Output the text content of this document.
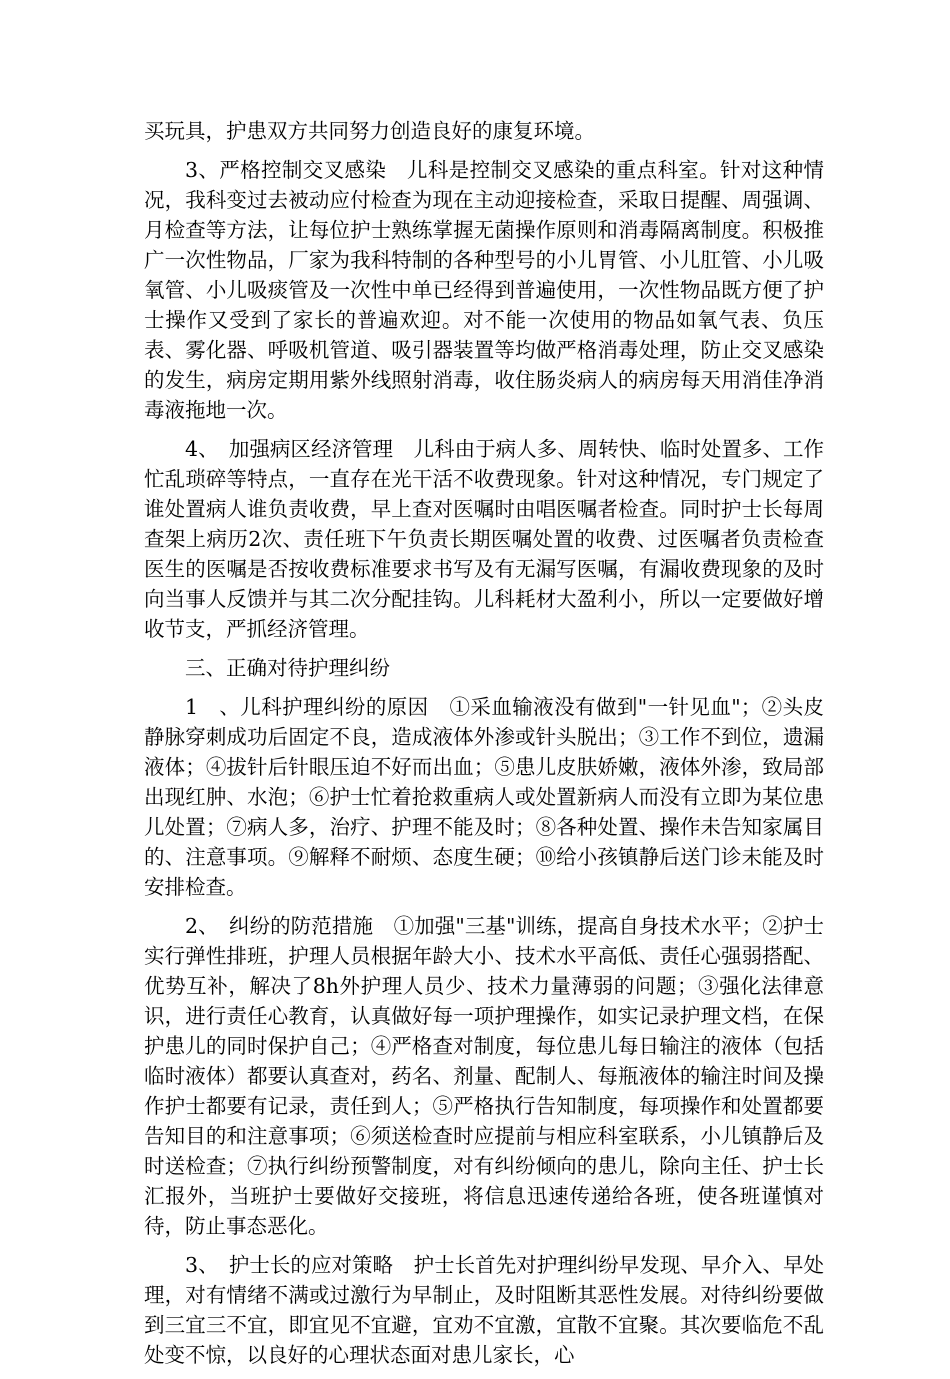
买玩具，护患双方共同努力创造良好的康复环境。

3、严格控制交叉感染　儿科是控制交叉感染的重点科室。针对这种情况，我科变过去被动应付检查为现在主动迎接检查，采取日提醒、周强调、月检查等方法，让每位护士熟练掌握无菌操作原则和消毒隔离制度。积极推广一次性物品，厂家为我科特制的各种型号的小儿胃管、小儿肛管、小儿吸氧管、小儿吸痰管及一次性中单已经得到普遍使用，一次性物品既方便了护士操作又受到了家长的普遍欢迎。对不能一次使用的物品如氧气表、负压表、雾化器、呼吸机管道、吸引器装置等均做严格消毒处理，防止交叉感染的发生，病房定期用紫外线照射消毒，收住肠炎病人的病房每天用消佳净消毒液拖地一次。

4、　加强病区经济管理　儿科由于病人多、周转快、临时处置多、工作忙乱琐碎等特点，一直存在光干活不收费现象。针对这种情况，专门规定了谁处置病人谁负责收费，早上查对医嘱时由唱医嘱者检查。同时护士长每周查架上病历2次、责任班下午负责长期医嘱处置的收费、过医嘱者负责检查医生的医嘱是否按收费标准要求书写及有无漏写医嘱，有漏收费现象的及时向当事人反馈并与其二次分配挂钩。儿科耗材大盈利小，所以一定要做好增收节支，严抓经济管理。

三、正确对待护理纠纷

1　、儿科护理纠纷的原因　①采血输液没有做到"一针见血"；②头皮静脉穿刺成功后固定不良，造成液体外渗或针头脱出；③工作不到位，遗漏液体；④拔针后针眼压迫不好而出血；⑤患儿皮肤娇嫩，液体外渗，致局部出现红肿、水泡；⑥护士忙着抢救重病人或处置新病人而没有立即为某位患儿处置；⑦病人多，治疗、护理不能及时；⑧各种处置、操作未告知家属目的、注意事项。⑨解释不耐烦、态度生硬；⑩给小孩镇静后送门诊未能及时安排检查。

2、　纠纷的防范措施　①加强"三基"训练，提高自身技术水平；②护士实行弹性排班，护理人员根据年龄大小、技术水平高低、责任心强弱搭配、优势互补，解决了8h外护理人员少、技术力量薄弱的问题；③强化法律意识，进行责任心教育，认真做好每一项护理操作，如实记录护理文档，在保护患儿的同时保护自己；④严格查对制度，每位患儿每日输注的液体（包括临时液体）都要认真查对，药名、剂量、配制人、每瓶液体的输注时间及操作护士都要有记录，责任到人；⑤严格执行告知制度，每项操作和处置都要告知目的和注意事项；⑥须送检查时应提前与相应科室联系，小儿镇静后及时送检查；⑦执行纠纷预警制度，对有纠纷倾向的患儿，除向主任、护士长汇报外，当班护士要做好交接班，将信息迅速传递给各班，使各班谨慎对待，防止事态恶化。

3、　护士长的应对策略　护士长首先对护理纠纷早发现、早介入、早处理，对有情绪不满或过激行为早制止，及时阻断其恶性发展。对待纠纷要做到三宜三不宜，即宜见不宜避，宜劝不宜激，宜散不宜聚。其次要临危不乱处变不惊，以良好的心理状态面对患儿家长，心
